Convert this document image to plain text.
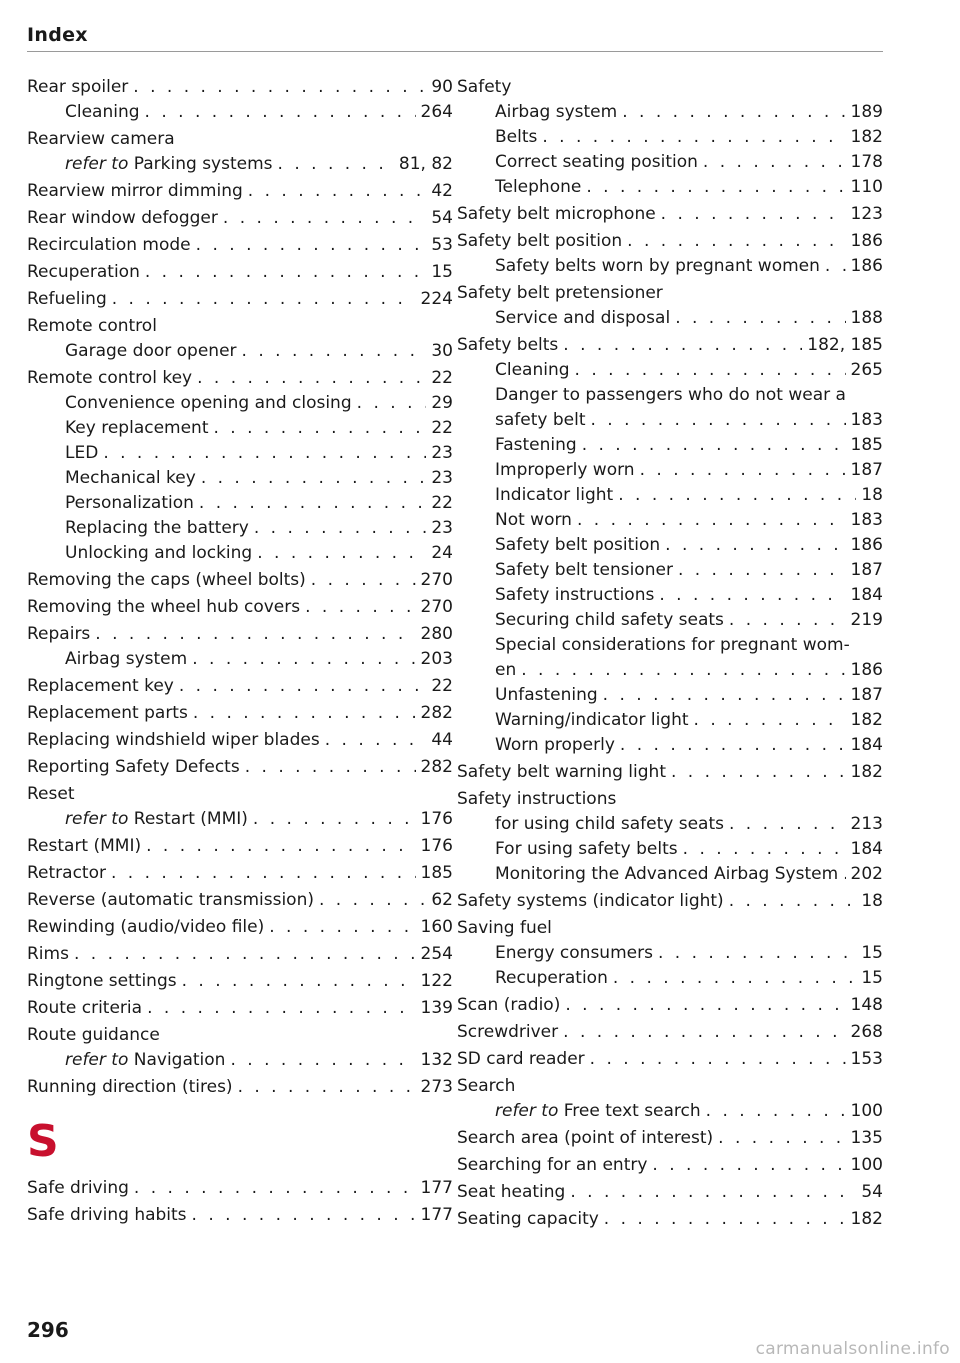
Index
Rear spoiler . . .	90
Cleaning . . .	264
Rearview camera
refer to Parking systems . . .	81, 82
Rearview mirror dimming . . .	42
Rear window defogger . . .	54
Recirculation mode . . .	53
Recuperation . . .	15
Refueling . . .	224
Remote control
Garage door opener . . .	30
Remote control key . . .	22
Convenience opening and closing . . .	29
Key replacement . . .	22
LED . . .	23
Mechanical key . . .	23
Personalization . . .	22
Replacing the battery . . .	23
Unlocking and locking . . .	24
Removing the caps (wheel bolts) . . .	270
Removing the wheel hub covers . . .	270
Repairs . . .	280
Airbag system . . .	203
Replacement key . . .	22
Replacement parts . . .	282
Replacing windshield wiper blades . . .	44
Reporting Safety Defects . . .	282
Reset
refer to Restart (MMI) . . .	176
Restart (MMI) . . .	176
Retractor . . .	185
Reverse (automatic transmission) . . .	62
Rewinding (audio/video file) . . .	160
Rims . . .	254
Ringtone settings . . .	122
Route criteria . . .	139
Route guidance
refer to Navigation . . .	132
Running direction (tires) . . .	273
S
Safe driving . . .	177
Safe driving habits . . .	177
Safety
Airbag system . . .	189
Belts . . .	182
Correct seating position . . .	178
Telephone . . .	110
Safety belt microphone . . .	123
Safety belt position . . .	186
Safety belts worn by pregnant women . . . 186
Safety belt pretensioner
Service and disposal . . .	188
Safety belts . . .	182, 185
Cleaning . . .	265
Danger to passengers who do not wear a
safety belt . . .	183
Fastening . . .	185
Improperly worn . . .	187
Indicator light . . .	18
Not worn . . .	183
Safety belt position . . .	186
Safety belt tensioner . . .	187
Safety instructions . . .	184
Securing child safety seats . . .	219
Special considerations for pregnant wom-
en . . .	186
Unfastening . . .	187
Warning/indicator light . . .	182
Worn properly . . .	184
Safety belt warning light . . .	182
Safety instructions
for using child safety seats . . .	213
For using safety belts . . .	184
Monitoring the Advanced Airbag System . . . 202
Safety systems (indicator light) . . .	18
Saving fuel
Energy consumers . . .	15
Recuperation . . .	15
Scan (radio) . . .	148
Screwdriver . . .	268
SD card reader . . .	153
Search
refer to Free text search . . .	100
Search area (point of interest) . . .	135
Searching for an entry . . .	100
Seat heating . . .	54
Seating capacity . . .	182
296
carmanualsonline.info
